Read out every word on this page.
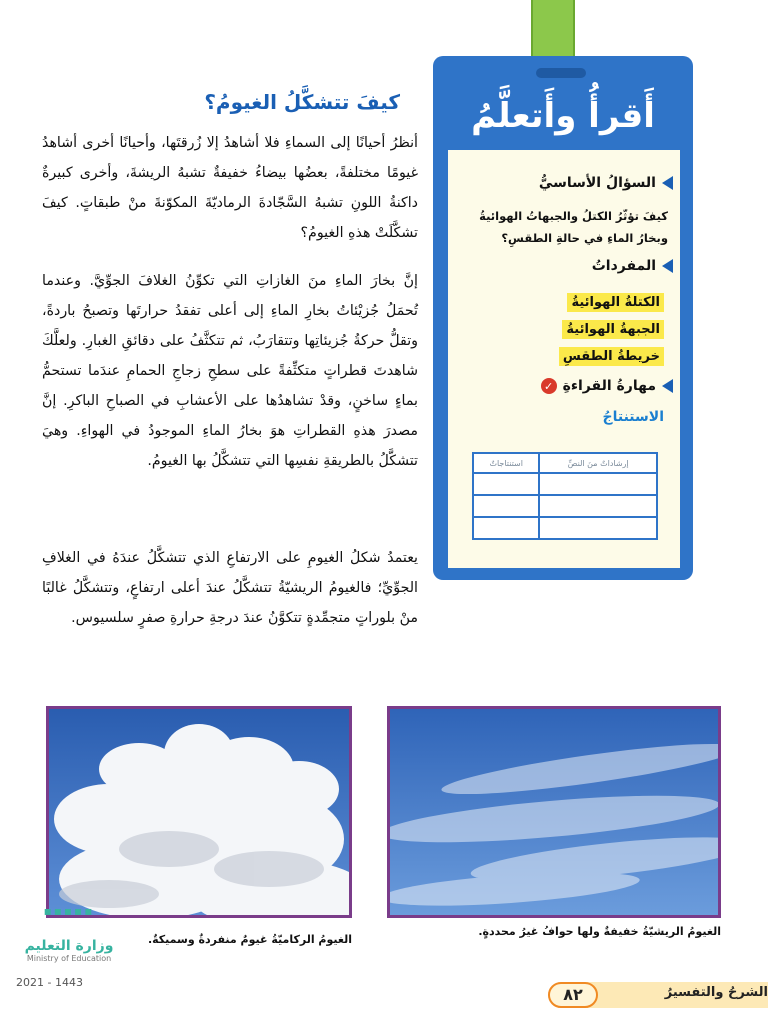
كيفَ تتشكَّلُ الغيومُ؟

أنظرُ أحيانًا إلى السماءِ فلا أشاهدُ إلا زُرقتَها، وأحيانًا أخرى أشاهدُ غيومًا مختلفةً، بعضُها بيضاءُ خفيفةٌ تشبهُ الريشةَ، وأخرى كبيرةٌ داكنةُ اللونِ تشبهُ السَّجّادةَ الرماديّةَ المكوّنةَ منْ طبقاتٍ. كيفَ تشكَّلَتْ هذهِ الغيومُ؟

إنَّ بخارَ الماءِ منَ الغازاتِ التي تكوِّنُ الغلافَ الجوِّيَّ. وعندما تُحمَلُ جُزيْئاتُ بخارِ الماءِ إلى أعلى تفقدُ حرارتَها وتصبحُ باردةً، وتقلُّ حركةُ جُزيئاتِها وتتقارَبُ، ثم تتكثَّفُ على دقائقِ الغبارِ. ولعلَّكَ شاهدتَ قطراتٍ متكثِّفةً على سطحِ زجاجِ الحمامِ عندَما تستحمُّ بماءٍ ساخنٍ، وقدْ تشاهدُها على الأعشابِ في الصباحِ الباكرِ. إنَّ مصدرَ هذهِ القطراتِ هوَ بخارُ الماءِ الموجودُ في الهواءِ. وهيَ تتشكَّلُ بالطريقةِ نفسِها التي تتشكَّلُ بها الغيومُ.

يعتمدُ شكلُ الغيومِ على الارتفاعِ الذي تتشكَّلُ عندَهُ في الغلافِ الجوِّيِّ؛ فالغيومُ الريشيّةُ تتشكَّلُ عندَ أعلى ارتفاعٍ، وتتشكَّلُ غالبًا منْ بلوراتٍ متجمِّدةٍ تتكوَّنُ عندَ درجةِ حرارةِ صفرٍ سلسيوس.

أَقرأُ وأَتعلَّمُ
السؤالُ الأساسيُّ
كيفَ تؤثّرُ الكتلُ والجبهاتُ الهوائيةُ وبخارُ الماءِ في حالةِ الطقسِ؟
المفرداتُ
الكتلةُ الهوائيةُ
الجبهةُ الهوائيةُ
خريطةُ الطقسِ
مهارةُ القراءةِ
✓
الاستنتاجُ
إرشاداتٌ منَ النصِّ	استنتاجاتٌ

الغيومُ الركاميّةُ غيومٌ منفردةٌ وسميكةٌ.
الغيومُ الريشيّةُ خفيفةٌ ولها حوافُ غيرُ محددةٍ.
▪▪▪▪▪
وزارة التعليم
Ministry of Education
2021 - 1443
الشرحُ والتفسيرُ
٨٢
